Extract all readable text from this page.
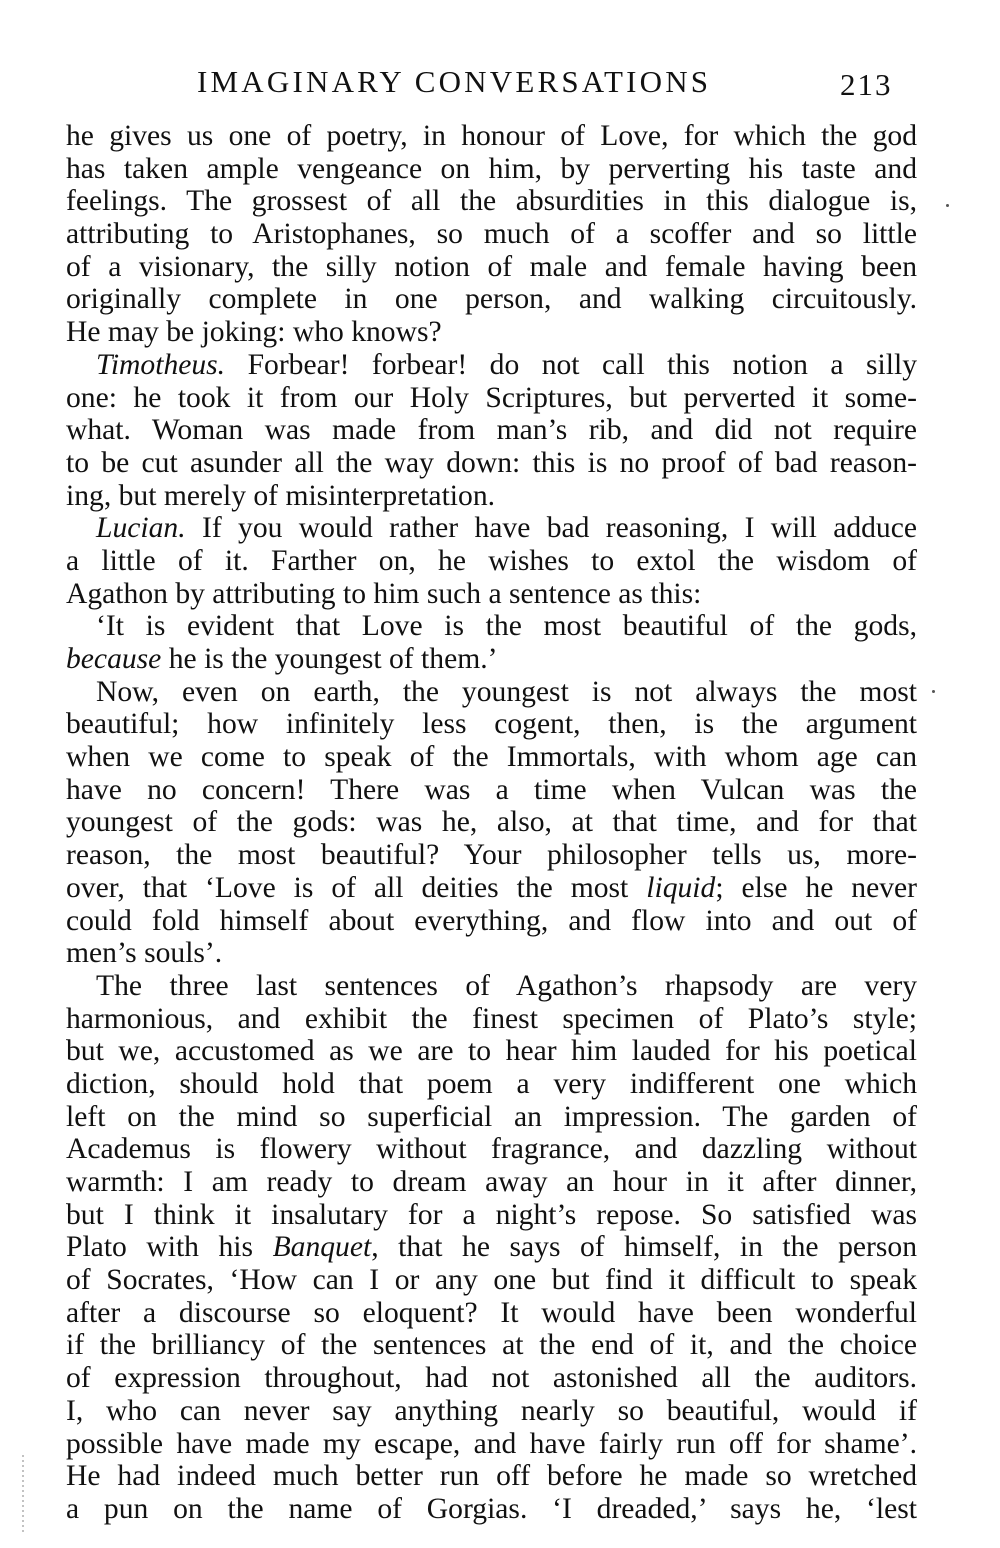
IMAGINARY CONVERSATIONS	213
he gives us one of poetry, in honour of Love, for which the god
has taken ample vengeance on him, by perverting his taste and
feelings. The grossest of all the absurdities in this dialogue is,
attributing to Aristophanes, so much of a scoffer and so little
of a visionary, the silly notion of male and female having been
originally complete in one person, and walking circuitously.
He may be joking: who knows?
Timotheus. Forbear! forbear! do not call this notion a silly
one: he took it from our Holy Scriptures, but perverted it some-
what. Woman was made from man’s rib, and did not require
to be cut asunder all the way down: this is no proof of bad reason-
ing, but merely of misinterpretation.
Lucian. If you would rather have bad reasoning, I will adduce
a little of it. Farther on, he wishes to extol the wisdom of
Agathon by attributing to him such a sentence as this:
‘It is evident that Love is the most beautiful of the gods,
because he is the youngest of them.’
Now, even on earth, the youngest is not always the most
beautiful; how infinitely less cogent, then, is the argument
when we come to speak of the Immortals, with whom age can
have no concern! There was a time when Vulcan was the
youngest of the gods: was he, also, at that time, and for that
reason, the most beautiful? Your philosopher tells us, more-
over, that ‘Love is of all deities the most liquid; else he never
could fold himself about everything, and flow into and out of
men’s souls’.
The three last sentences of Agathon’s rhapsody are very
harmonious, and exhibit the finest specimen of Plato’s style;
but we, accustomed as we are to hear him lauded for his poetical
diction, should hold that poem a very indifferent one which
left on the mind so superficial an impression. The garden of
Academus is flowery without fragrance, and dazzling without
warmth: I am ready to dream away an hour in it after dinner,
but I think it insalutary for a night’s repose. So satisfied was
Plato with his Banquet, that he says of himself, in the person
of Socrates, ‘How can I or any one but find it difficult to speak
after a discourse so eloquent? It would have been wonderful
if the brilliancy of the sentences at the end of it, and the choice
of expression throughout, had not astonished all the auditors.
I, who can never say anything nearly so beautiful, would if
possible have made my escape, and have fairly run off for shame’.
He had indeed much better run off before he made so wretched
a pun on the name of Gorgias. ‘I dreaded,’ says he, ‘lest
